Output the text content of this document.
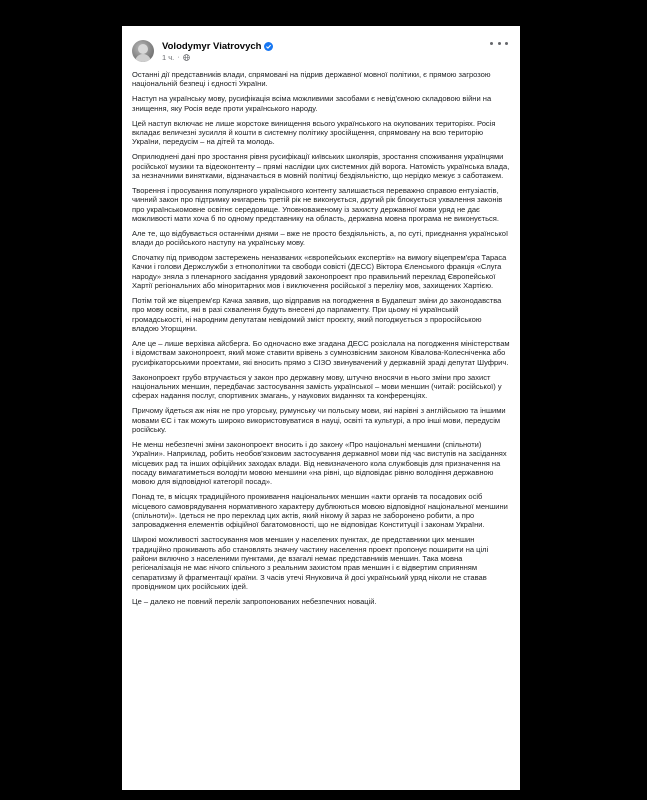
Volodymyr Viatrovych
1 ч. ·

Останні дії представників влади, спрямовані на підрив державної мовної політики, є прямою загрозою національній безпеці і єдності України.

Наступ на українську мову, русифікація всіма можливими засобами є невід'ємною складовою війни на знищення, яку Росія веде проти українського народу.

Цей наступ включає не лише жорстоке винищення всього українського на окупованих територіях. Росія вкладає величезні зусилля й кошти в системну політику зросійщення, спрямовану на всю територію України, передусім – на дітей та молодь.

Оприлюднені дані про зростання рівня русифікації київських школярів, зростання споживання українцями російської музики та відеоконтенту – прямі наслідки цих системних дій ворога. Натомість українська влада, за незначними винятками, відзначається в мовній політиці бездіяльністю, що нерідко межує з саботажем.

Творення і просування популярного українського контенту залишається переважно справою ентузіастів, чинний закон про підтримку книгарень третій рік не виконується, другий рік блокується ухвалення законів про українськомовне освітнє середовище. Уповноваженому із захисту державної мови уряд не дає можливості мати хоча б по одному представнику на область, державна мовна програма не виконується.

Але те, що відбувається останніми днями – вже не просто бездіяльність, а, по суті, приєднання української влади до російського наступу на українську мову.

Спочатку під приводом застережень неназваних «європейських експертів» на вимогу віцепрем'єра Тараса Качки і голови Держслужби з етнополітики та свободи совісті (ДЕСС) Віктора Єленського фракція «Слуга народу» зняла з пленарного засідання урядовий законопроект про правильний переклад Європейської Хартії регіональних або міноритарних мов і виключення російської з переліку мов, захищених Хартією.

Потім той же віцепрем'єр Качка заявив, що відправив на погодження в Будапешт зміни до законодавства про мову освіти, які в разі схвалення будуть внесені до парламенту. При цьому ні українській громадськості, ні народним депутатам невідомий зміст проєкту, який погоджується з проросійською владою Угорщини.

Але це – лише верхівка айсберга. Бо одночасно вже згадана ДЕСС розіслала на погодження міністерствам і відомствам законопроект, який може ставити врівень з сумнозвісним законом Ківалова-Колесніченка або русифікаторськими проектами, які вносить прямо з СІЗО звинувачений у державній зраді депутат Шуфрич.

Законопроект грубо втручається у закон про державну мову, штучно вносячи в нього зміни про захист національних меншин, передбачає застосування замість української – мови меншин (читай: російської) у сферах надання послуг, спортивних змагань, у наукових виданнях та конференціях.

Причому йдеться аж ніяк не про угорську, румунську чи польську мови, які нарівні з англійською та іншими мовами ЄС і так можуть широко використовуватися в науці, освіті та культурі, а про інші мови, передусім російську.

Не менш небезпечні зміни законопроект вносить і до закону «Про національні меншини (спільноти) України». Наприклад, робить необов'язковим застосування державної мови під час виступів на засіданнях місцевих рад та інших офіційних заходах влади. Від невизначеного кола службовців для призначення на посаду вимагатиметься володіти мовою меншини «на рівні, що відповідає рівню володіння державною мовою для відповідної категорії посад».

Понад те, в місцях традиційного проживання національних меншин «акти органів та посадових осіб місцевого самоврядування нормативного характеру дублюються мовою відповідної національної меншини (спільноти)». Ідеться не про переклад цих актів, який нікому й зараз не заборонено робити, а про запровадження елементів офіційної багатомовності, що не відповідає Конституції і законам України.

Широкі можливості застосування мов меншин у населених пунктах, де представники цих меншин традиційно проживають або становлять значну частину населення проект пропонує поширити на цілі райони включно з населеними пунктами, де взагалі немає представників меншин. Така мовна регіоналізація не має нічого спільного з реальним захистом прав меншин і є відвертим сприянням сепаратизму й фрагментації країни. З часів утечі Януковича й досі український уряд ніколи не ставав провідником цих російських ідей.

Це – далеко не повний перелік запропонованих небезпечних новацій.
